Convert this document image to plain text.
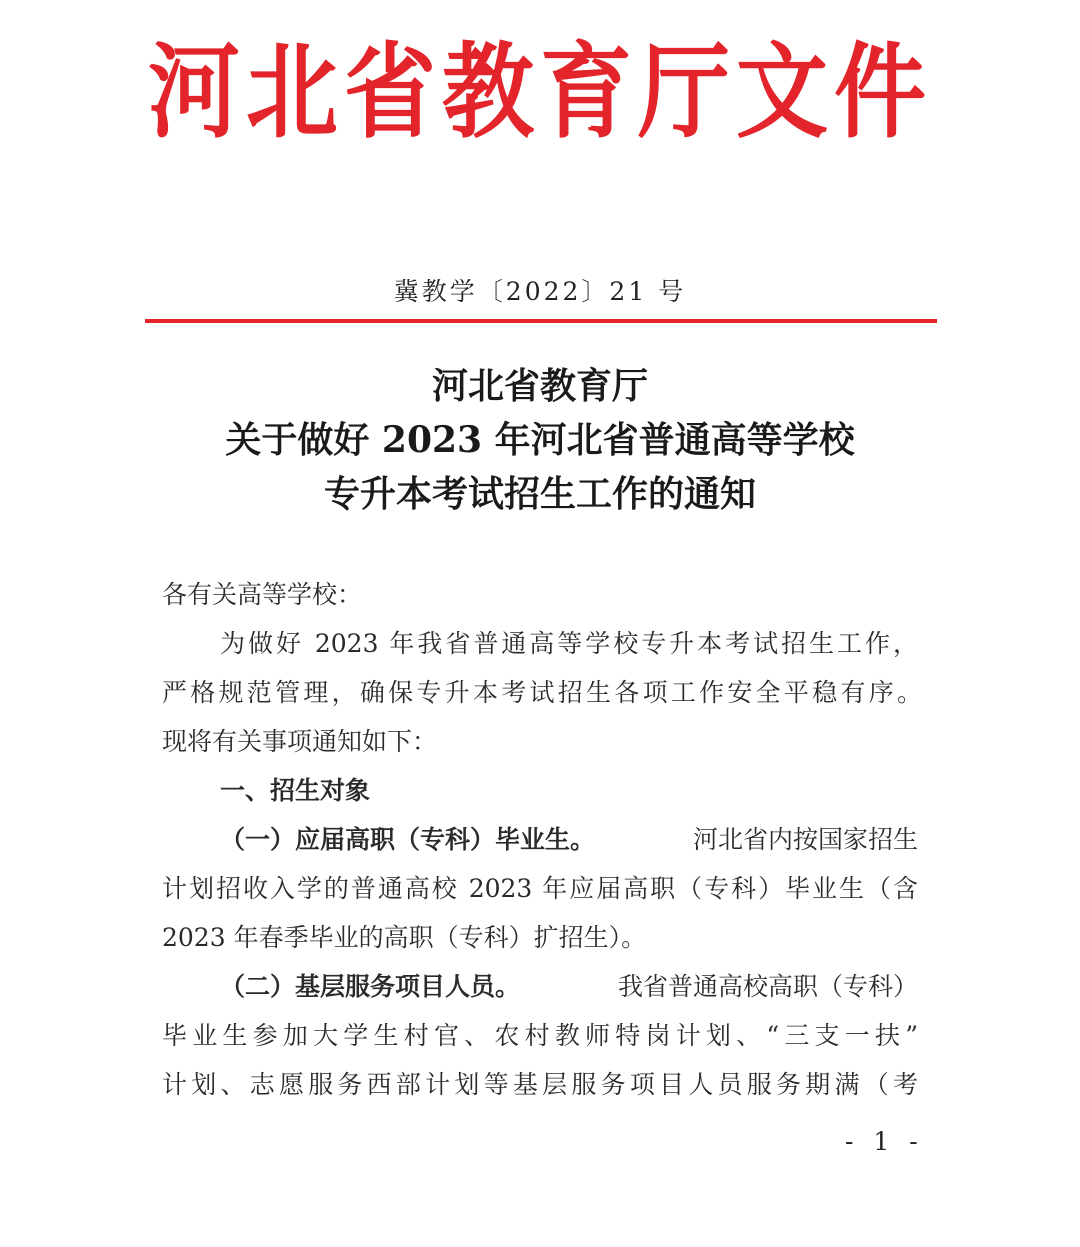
河北省教育厅文件
冀教学〔2022〕21 号
河北省教育厅
关于做好 2023 年河北省普通高等学校
专升本考试招生工作的通知
各有关高等学校：
为做好 2023 年我省普通高等学校专升本考试招生工作，
严格规范管理，确保专升本考试招生各项工作安全平稳有序。
现将有关事项通知如下：
一、招生对象
（一）应届高职（专科）毕业生。	河北省内按国家招生
计划招收入学的普通高校 2023 年应届高职（专科）毕业生（含
2023 年春季毕业的高职（专科）扩招生）。
（二）基层服务项目人员。	我省普通高校高职（专科）
毕业生参加大学生村官、农村教师特岗计划、“三支一扶”
计划、志愿服务西部计划等基层服务项目人员服务期满（考
- 1 -
